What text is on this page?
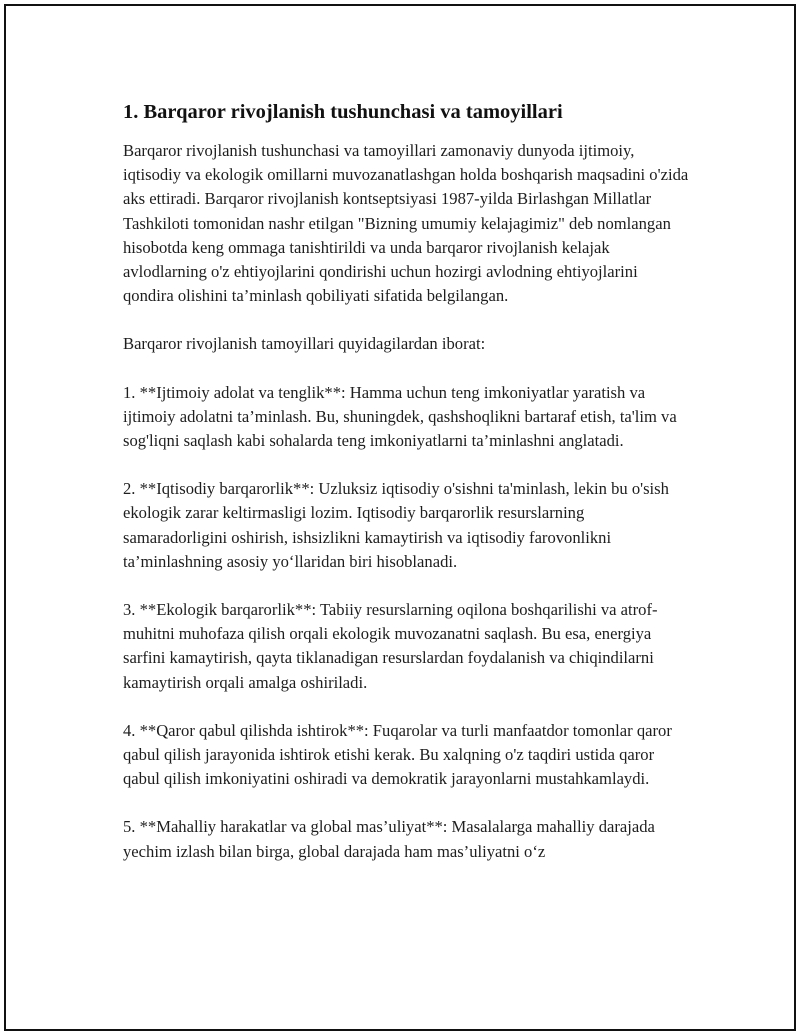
1. Barqaror rivojlanish tushunchasi va tamoyillari

Barqaror rivojlanish tushunchasi va tamoyillari zamonaviy dunyoda ijtimoiy, iqtisodiy va ekologik omillarni muvozanatlashgan holda boshqarish maqsadini o'zida aks ettiradi. Barqaror rivojlanish kontseptsiyasi 1987-yilda Birlashgan Millatlar Tashkiloti tomonidan nashr etilgan "Bizning umumiy kelajagimiz" deb nomlangan hisobotda keng ommaga tanishtirildi va unda barqaror rivojlanish kelajak avlodlarning o'z ehtiyojlarini qondirishi uchun hozirgi avlodning ehtiyojlarini qondira olishini ta’minlash qobiliyati sifatida belgilangan.

Barqaror rivojlanish tamoyillari quyidagilardan iborat:

1. **Ijtimoiy adolat va tenglik**: Hamma uchun teng imkoniyatlar yaratish va ijtimoiy adolatni ta’minlash. Bu, shuningdek, qashshoqlikni bartaraf etish, ta'lim va sog'liqni saqlash kabi sohalarda teng imkoniyatlarni ta’minlashni anglatadi.

2. **Iqtisodiy barqarorlik**: Uzluksiz iqtisodiy o'sishni ta'minlash, lekin bu o'sish ekologik zarar keltirmasligi lozim. Iqtisodiy barqarorlik resurslarning samaradorligini oshirish, ishsizlikni kamaytirish va iqtisodiy farovonlikni ta’minlashning asosiy yo‘llaridan biri hisoblanadi.

3. **Ekologik barqarorlik**: Tabiiy resurslarning oqilona boshqarilishi va atrof-muhitni muhofaza qilish orqali ekologik muvozanatni saqlash. Bu esa, energiya sarfini kamaytirish, qayta tiklanadigan resurslardan foydalanish va chiqindilarni kamaytirish orqali amalga oshiriladi.

4. **Qaror qabul qilishda ishtirok**: Fuqarolar va turli manfaatdor tomonlar qaror qabul qilish jarayonida ishtirok etishi kerak. Bu xalqning o'z taqdiri ustida qaror qabul qilish imkoniyatini oshiradi va demokratik jarayonlarni mustahkamlaydi.

5. **Mahalliy harakatlar va global mas’uliyat**: Masalalarga mahalliy darajada yechim izlash bilan birga, global darajada ham mas’uliyatni o‘z
